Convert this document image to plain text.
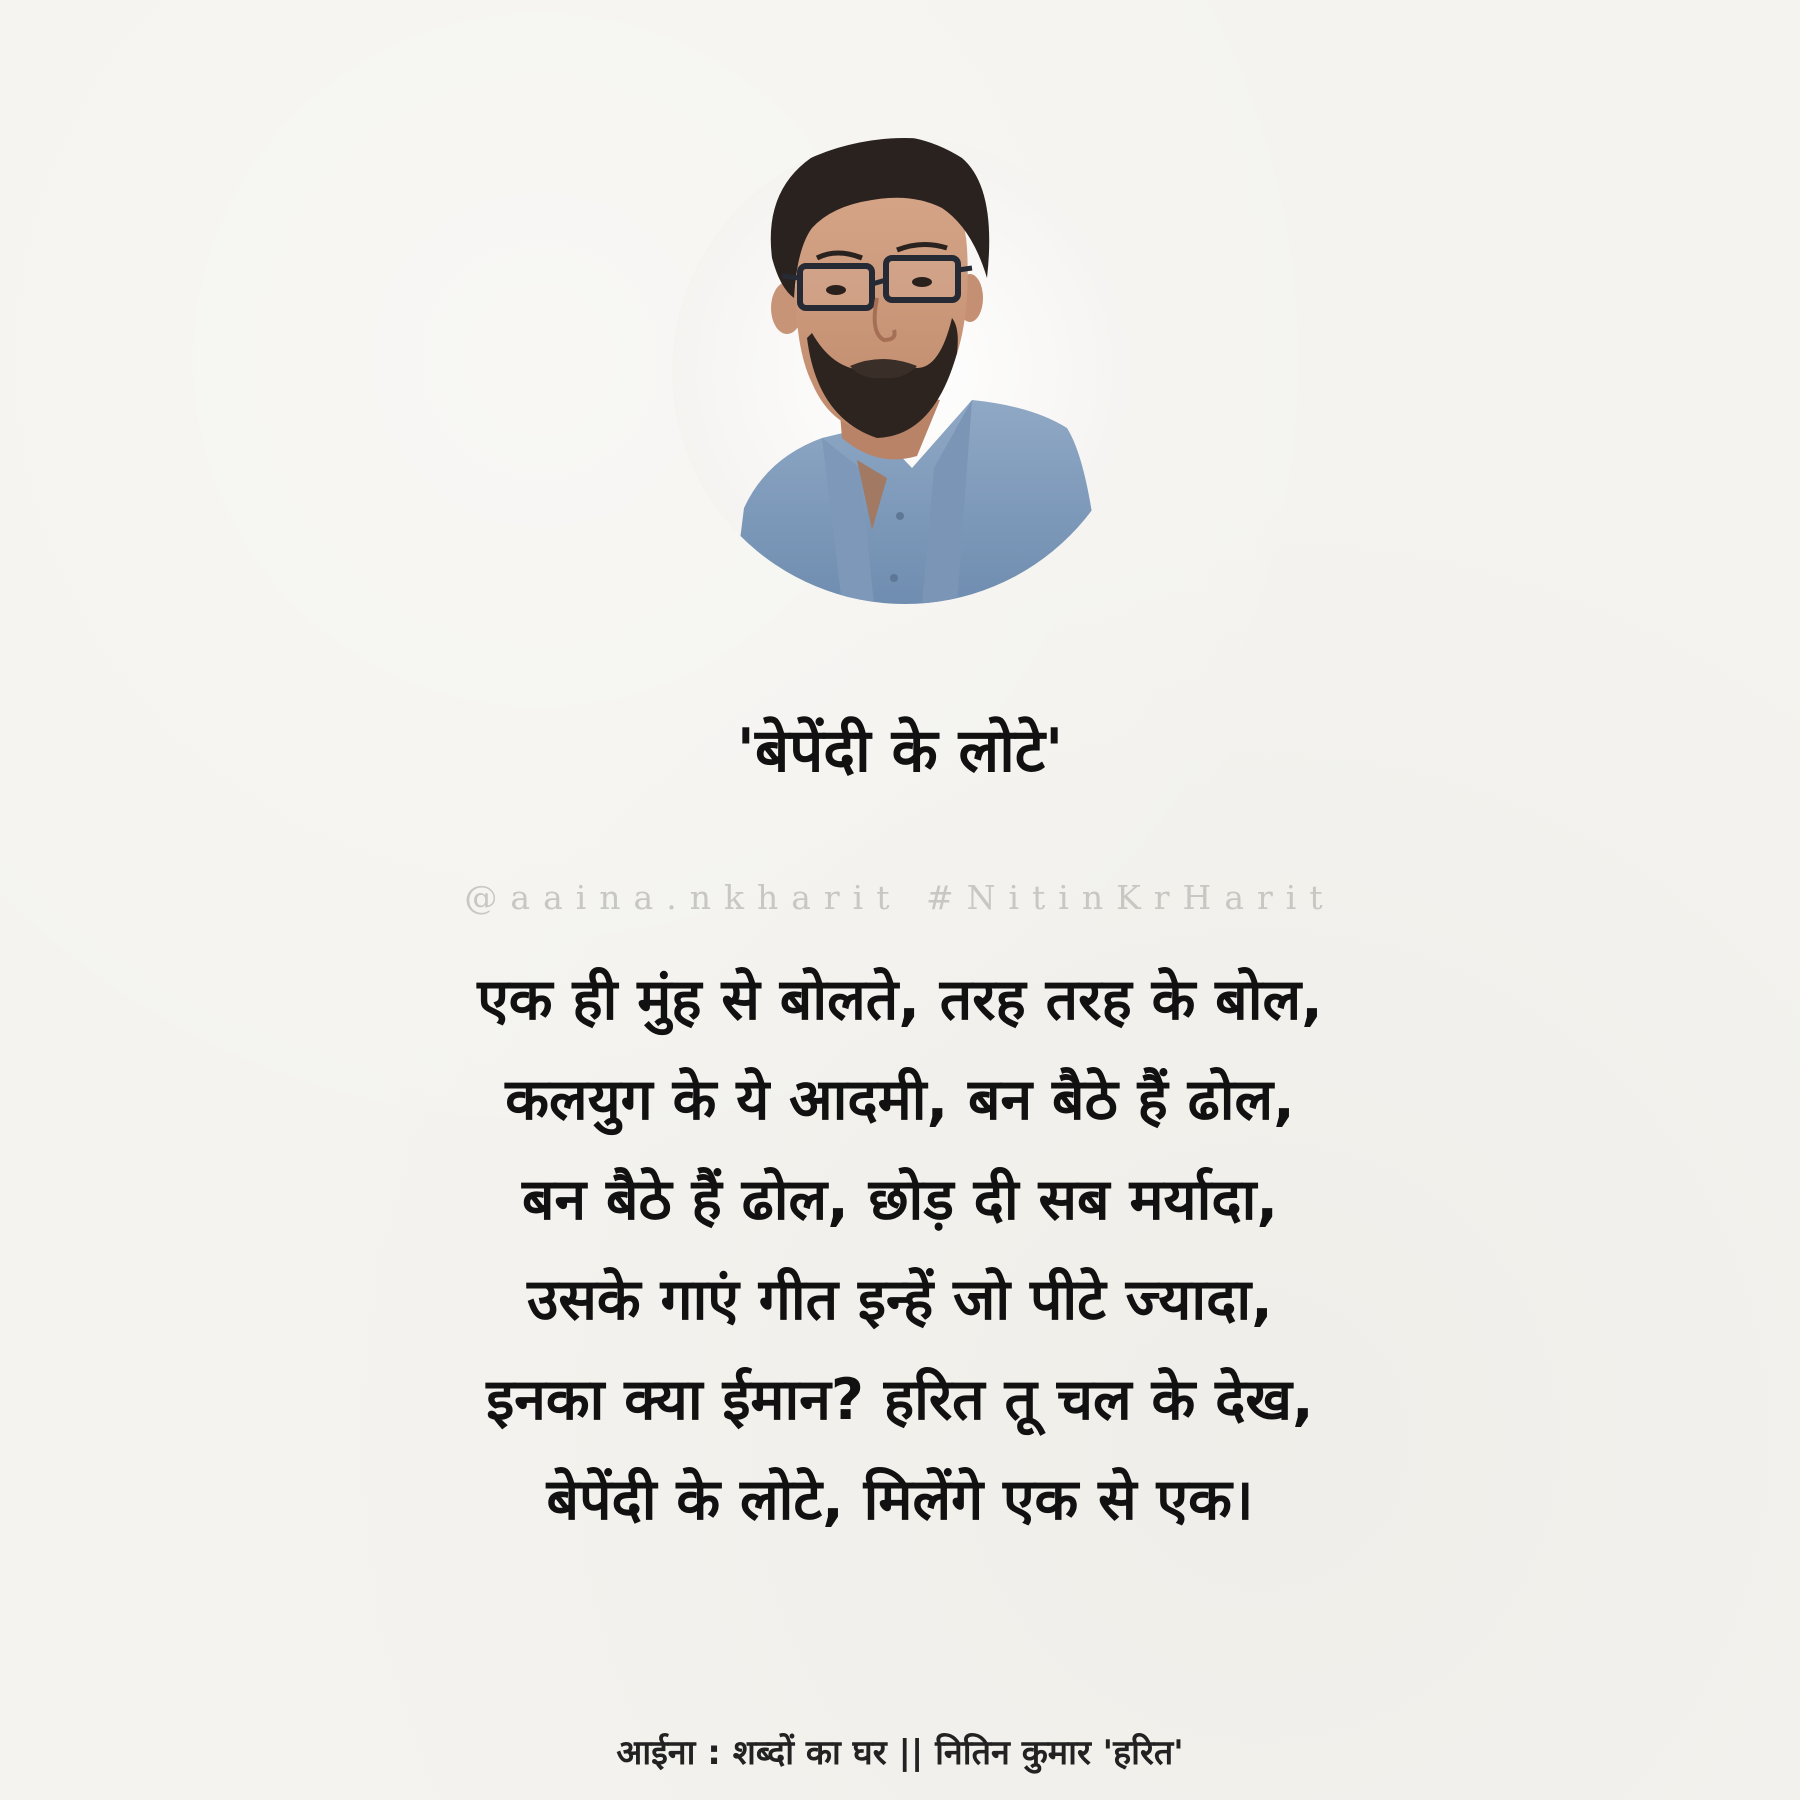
'बेपेंदी के लोटे'
@aaina.nkharit #NitinKrHarit
एक ही मुंह से बोलते, तरह तरह के बोल,
कलयुग के ये आदमी, बन बैठे हैं ढोल,
बन बैठे हैं ढोल, छोड़ दी सब मर्यादा,
उसके गाएं गीत इन्हें जो पीटे ज्यादा,
इनका क्या ईमान? हरित तू चल के देख,
बेपेंदी के लोटे, मिलेंगे एक से एक।
आईना : शब्दों का घर || नितिन कुमार 'हरित'
